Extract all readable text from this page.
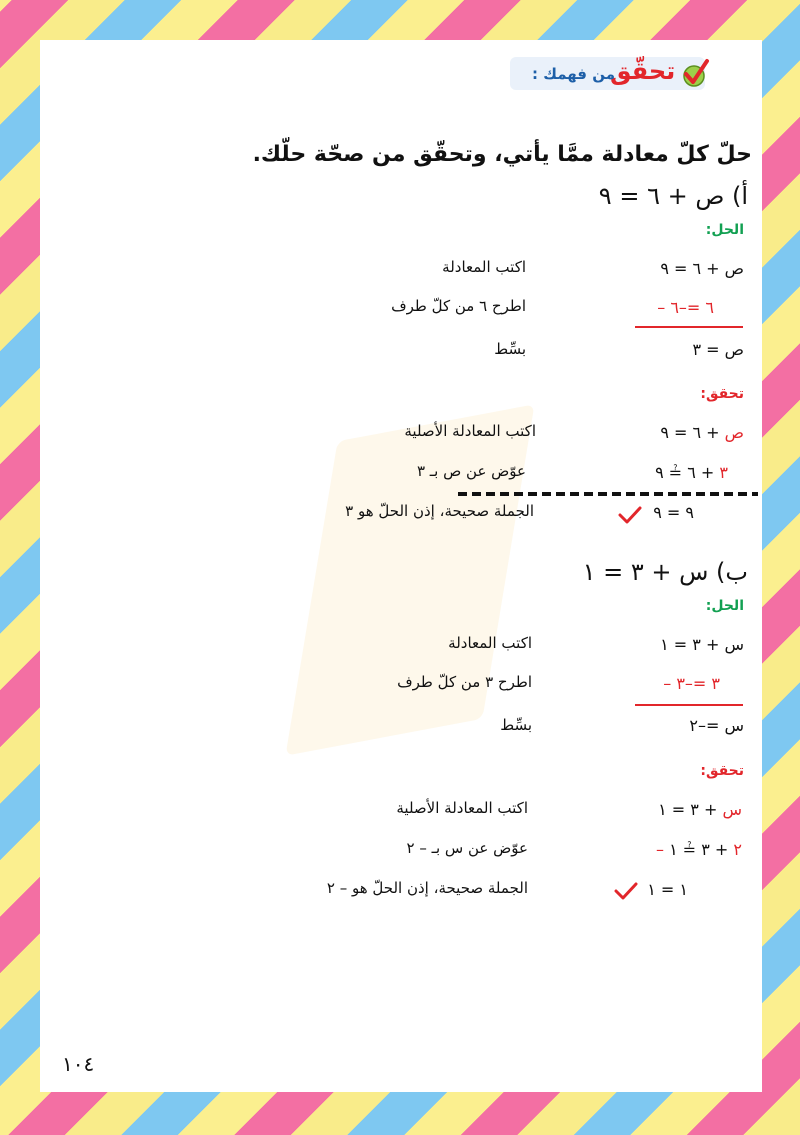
تحقّق
من فهمك :
حلّ كلّ معادلة ممَّا يأتي، وتحقّق من صحّة حلّك.
أ) ص + ٦ = ٩
الحل:
ص + ٦ = ٩
اكتب المعادلة
– ٦ =–٦
اطرح ٦ من كلّ طرف
ص = ٣
بسِّط
تحقق:
ص + ٦ = ٩
اكتب المعادلة الأصلية
٣ + ٦ ≟ ٩
عوّض عن ص بـ ٣
٩ = ٩
الجملة صحيحة، إذن الحلّ هو ٣
ب) س + ٣ = ١
الحل:
س + ٣ = ١
اكتب المعادلة
– ٣ =–٣
اطرح ٣ من كلّ طرف
س =–٢
بسِّط
تحقق:
س + ٣ = ١
اكتب المعادلة الأصلية
– ٢ + ٣ ≟ ١
عوّض عن س بـ – ٢
١ = ١
الجملة صحيحة، إذن الحلّ هو – ٢
١٠٤
